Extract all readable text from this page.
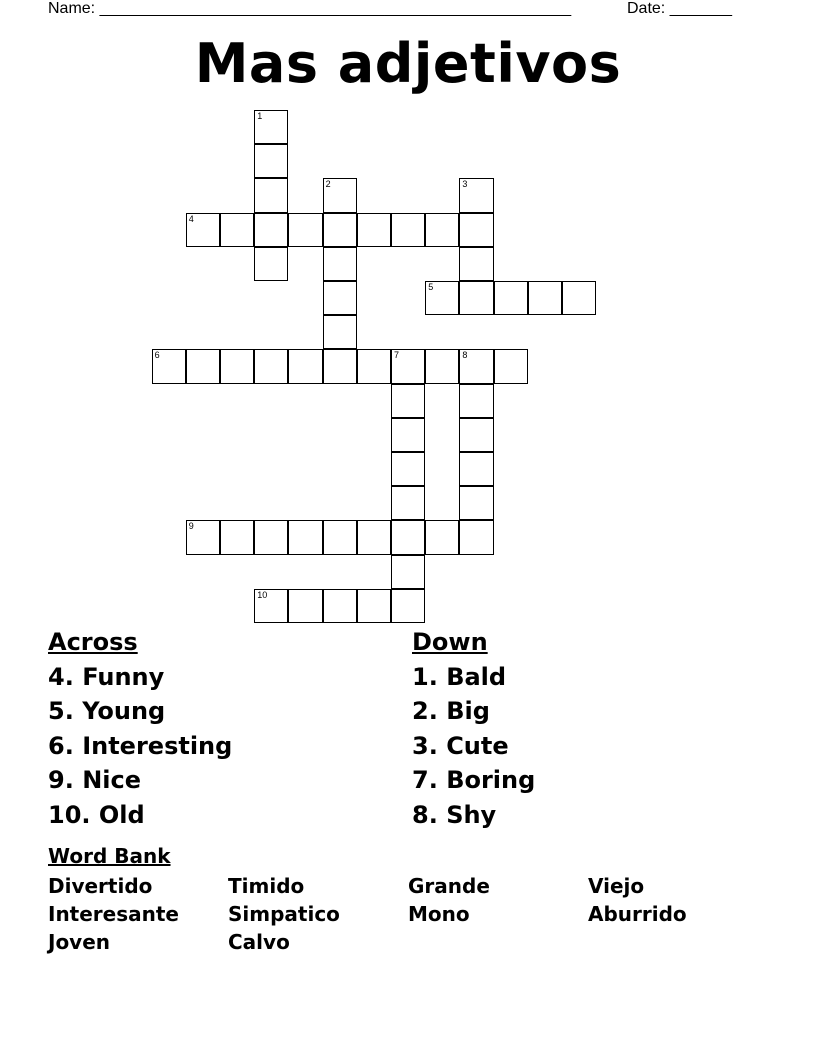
Name: _____________________________________________________	Date: _______
Mas adjetivos
1
2	3
4
5
6	7	8
9
10
Across
4. Funny
5. Young
6. Interesting
9. Nice
10. Old
Down
1. Bald
2. Big
3. Cute
7. Boring
8. Shy
Word Bank
Divertido	Timido	Grande	Viejo
Interesante Simpatico	Mono	Aburrido
Joven	Calvo
